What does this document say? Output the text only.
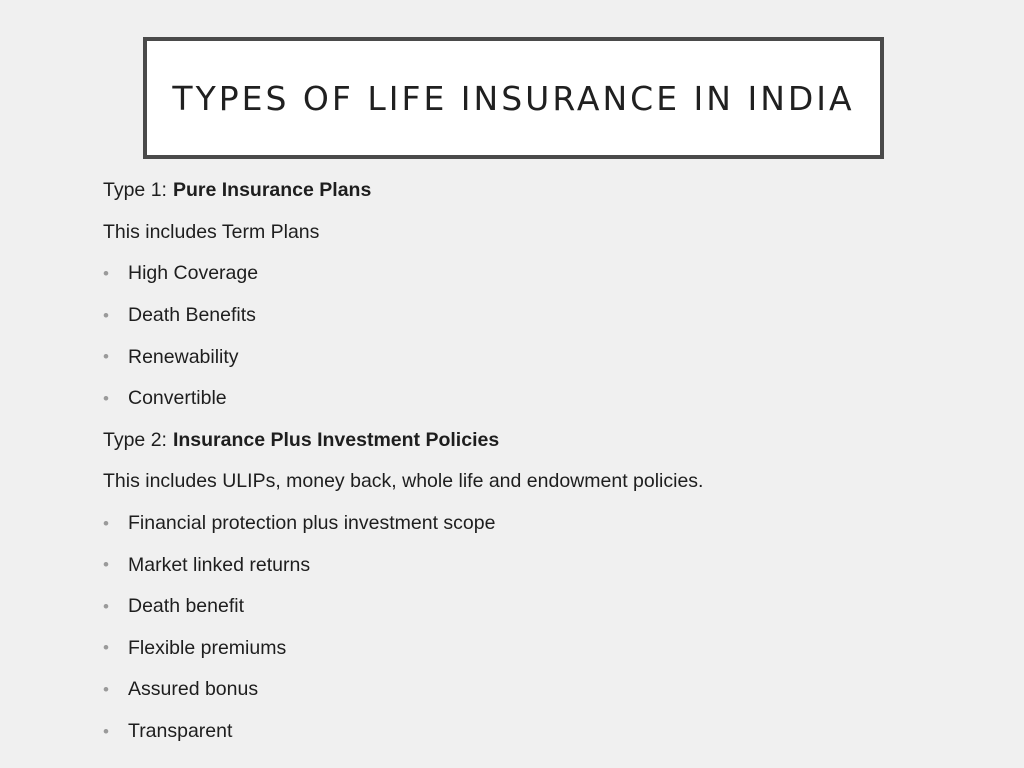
TYPES OF LIFE INSURANCE IN INDIA
Type 1: Pure Insurance Plans
This includes Term Plans
• High Coverage
• Death Benefits
• Renewability
• Convertible
Type 2: Insurance Plus Investment Policies
This includes ULIPs, money back, whole life and endowment policies.
• Financial protection plus investment scope
• Market linked returns
• Death benefit
• Flexible premiums
• Assured bonus
• Transparent
